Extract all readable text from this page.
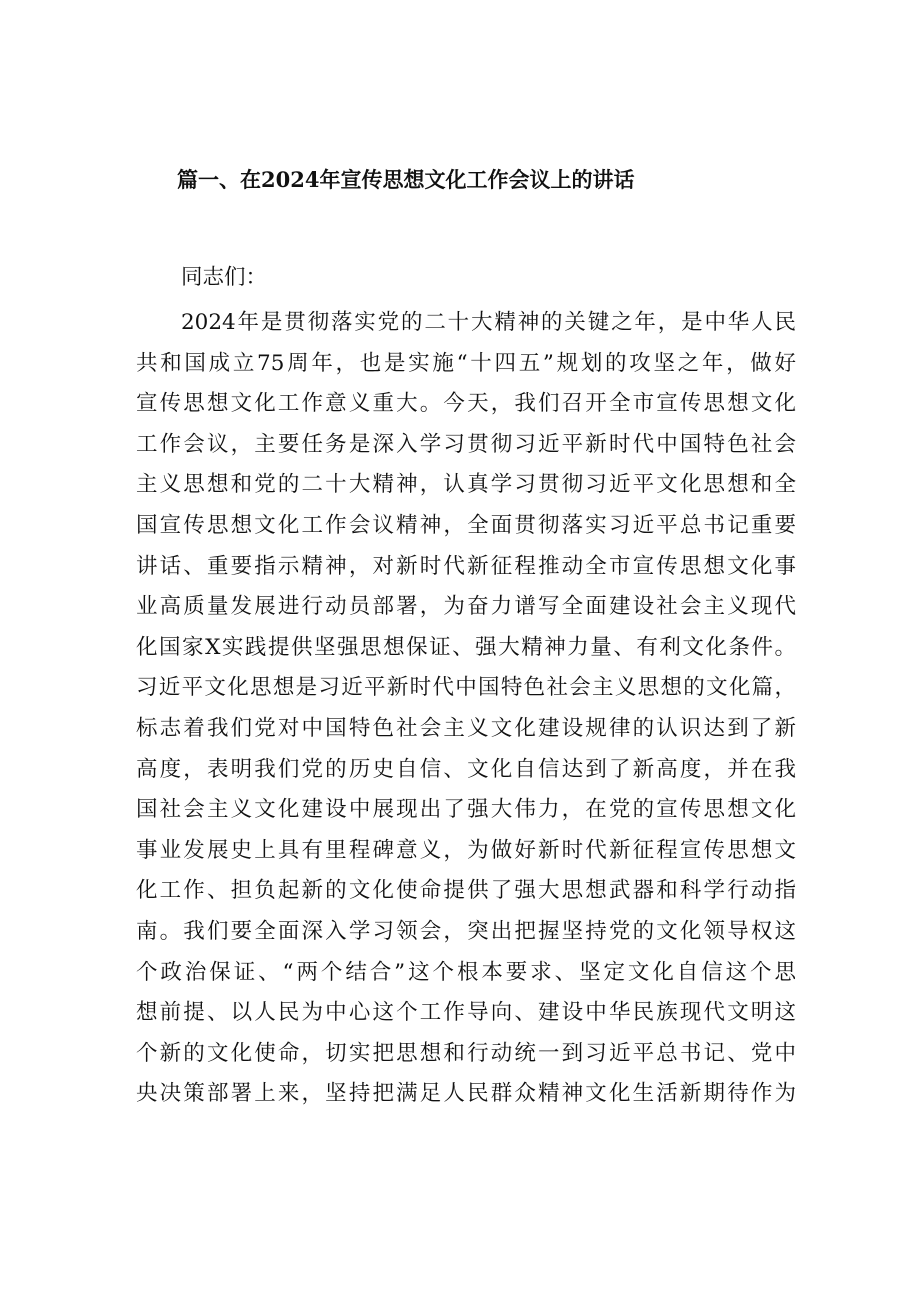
篇一、在2024年宣传思想文化工作会议上的讲话

同志们：

2024年是贯彻落实党的二十大精神的关键之年，是中华人民
共和国成立75周年，也是实施“十四五”规划的攻坚之年，做好
宣传思想文化工作意义重大。今天，我们召开全市宣传思想文化
工作会议，主要任务是深入学习贯彻习近平新时代中国特色社会
主义思想和党的二十大精神，认真学习贯彻习近平文化思想和全
国宣传思想文化工作会议精神，全面贯彻落实习近平总书记重要
讲话、重要指示精神，对新时代新征程推动全市宣传思想文化事
业高质量发展进行动员部署，为奋力谱写全面建设社会主义现代
化国家X实践提供坚强思想保证、强大精神力量、有利文化条件。
习近平文化思想是习近平新时代中国特色社会主义思想的文化篇，
标志着我们党对中国特色社会主义文化建设规律的认识达到了新
高度，表明我们党的历史自信、文化自信达到了新高度，并在我
国社会主义文化建设中展现出了强大伟力，在党的宣传思想文化
事业发展史上具有里程碑意义，为做好新时代新征程宣传思想文
化工作、担负起新的文化使命提供了强大思想武器和科学行动指
南。我们要全面深入学习领会，突出把握坚持党的文化领导权这
个政治保证、“两个结合”这个根本要求、坚定文化自信这个思
想前提、以人民为中心这个工作导向、建设中华民族现代文明这
个新的文化使命，切实把思想和行动统一到习近平总书记、党中
央决策部署上来，坚持把满足人民群众精神文化生活新期待作为
